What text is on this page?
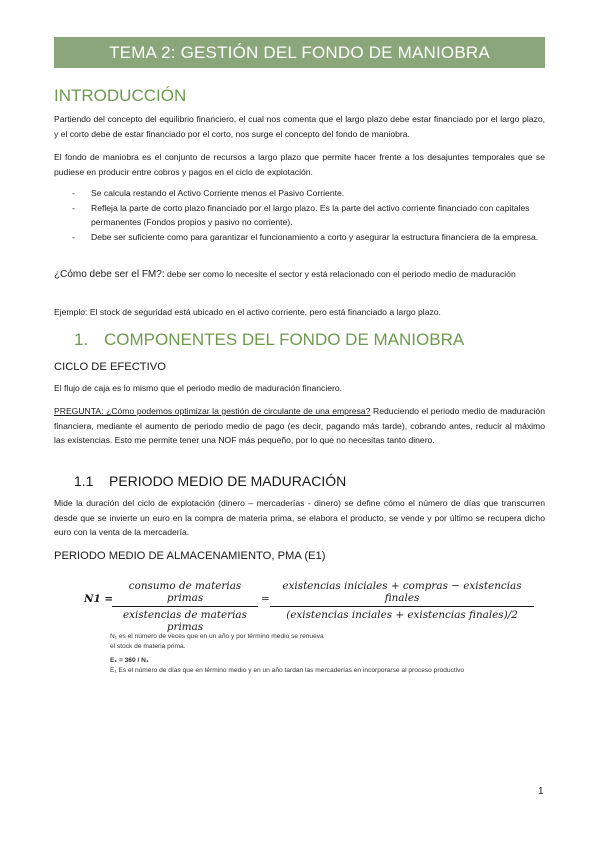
TEMA 2: GESTIÓN DEL FONDO DE MANIOBRA
INTRODUCCIÓN

Partiendo del concepto del equilibrio financiero, el cual nos comenta que el largo plazo debe estar financiado por el largo plazo, y el corto debe de estar financiado por el corto, nos surge el concepto del fondo de maniobra.

El fondo de maniobra es el conjunto de recursos a largo plazo que permite hacer frente a los desajuntes temporales que se pudiese en producir entre cobros y pagos en el ciclo de explotación.

- Se calcula restando el Activo Corriente menos el Pasivo Corriente.
- Refleja la parte de corto plazo financiado por el largo plazo. Es la parte del activo corriente financiado con capitales permanentes (Fondos propios y pasivo no corriente).
- Debe ser suficiente como para garantizar el funcionamiento a corto y asegurar la estructura financiera de la empresa.

¿Cómo debe ser el FM?: debe ser como lo necesite el sector y está relacionado con el periodo medio de maduración

Ejemplo: El stock de seguridad está ubicado en el activo corriente, pero está financiado a largo plazo.

1. COMPONENTES DEL FONDO DE MANIOBRA
CICLO DE EFECTIVO

El flujo de caja es lo mismo que el periodo medio de maduración financiero.

PREGUNTA: ¿Cómo podemos optimizar la gestión de circulante de una empresa? Reduciendo el periodo medio de maduración financiera, mediante el aumento de periodo medio de pago (es decir, pagando más tarde), cobrando antes, reducir al máximo las existencias. Esto me permite tener una NOF más pequeño, por lo que no necesitas tanto dinero.

1.1 PERIODO MEDIO DE MADURACIÓN

Mide la duración del ciclo de explotación (dinero – mercaderías - dinero) se define cómo el número de días que transcurren desde que se invierte un euro en la compra de materia prima, se elabora el producto, se vende y por último se recupera dicho euro con la venta de la mercadería.

PERIODO MEDIO DE ALMACENAMIENTO, PMA (E1)
N1 =
consumo de materias primas
existencias de materias primas
=
existencias iniciales + compras − existencias finales
(existencias inciales + existencias finales)/2
N₁ es el número de veces que en un año y por término medio se renueva
el stock de materia prima.
E₁ = 360 / N₁
E₁ Es el número de días que en término medio y en un año tardan las mercaderías en incorporarse al proceso productivo
1
